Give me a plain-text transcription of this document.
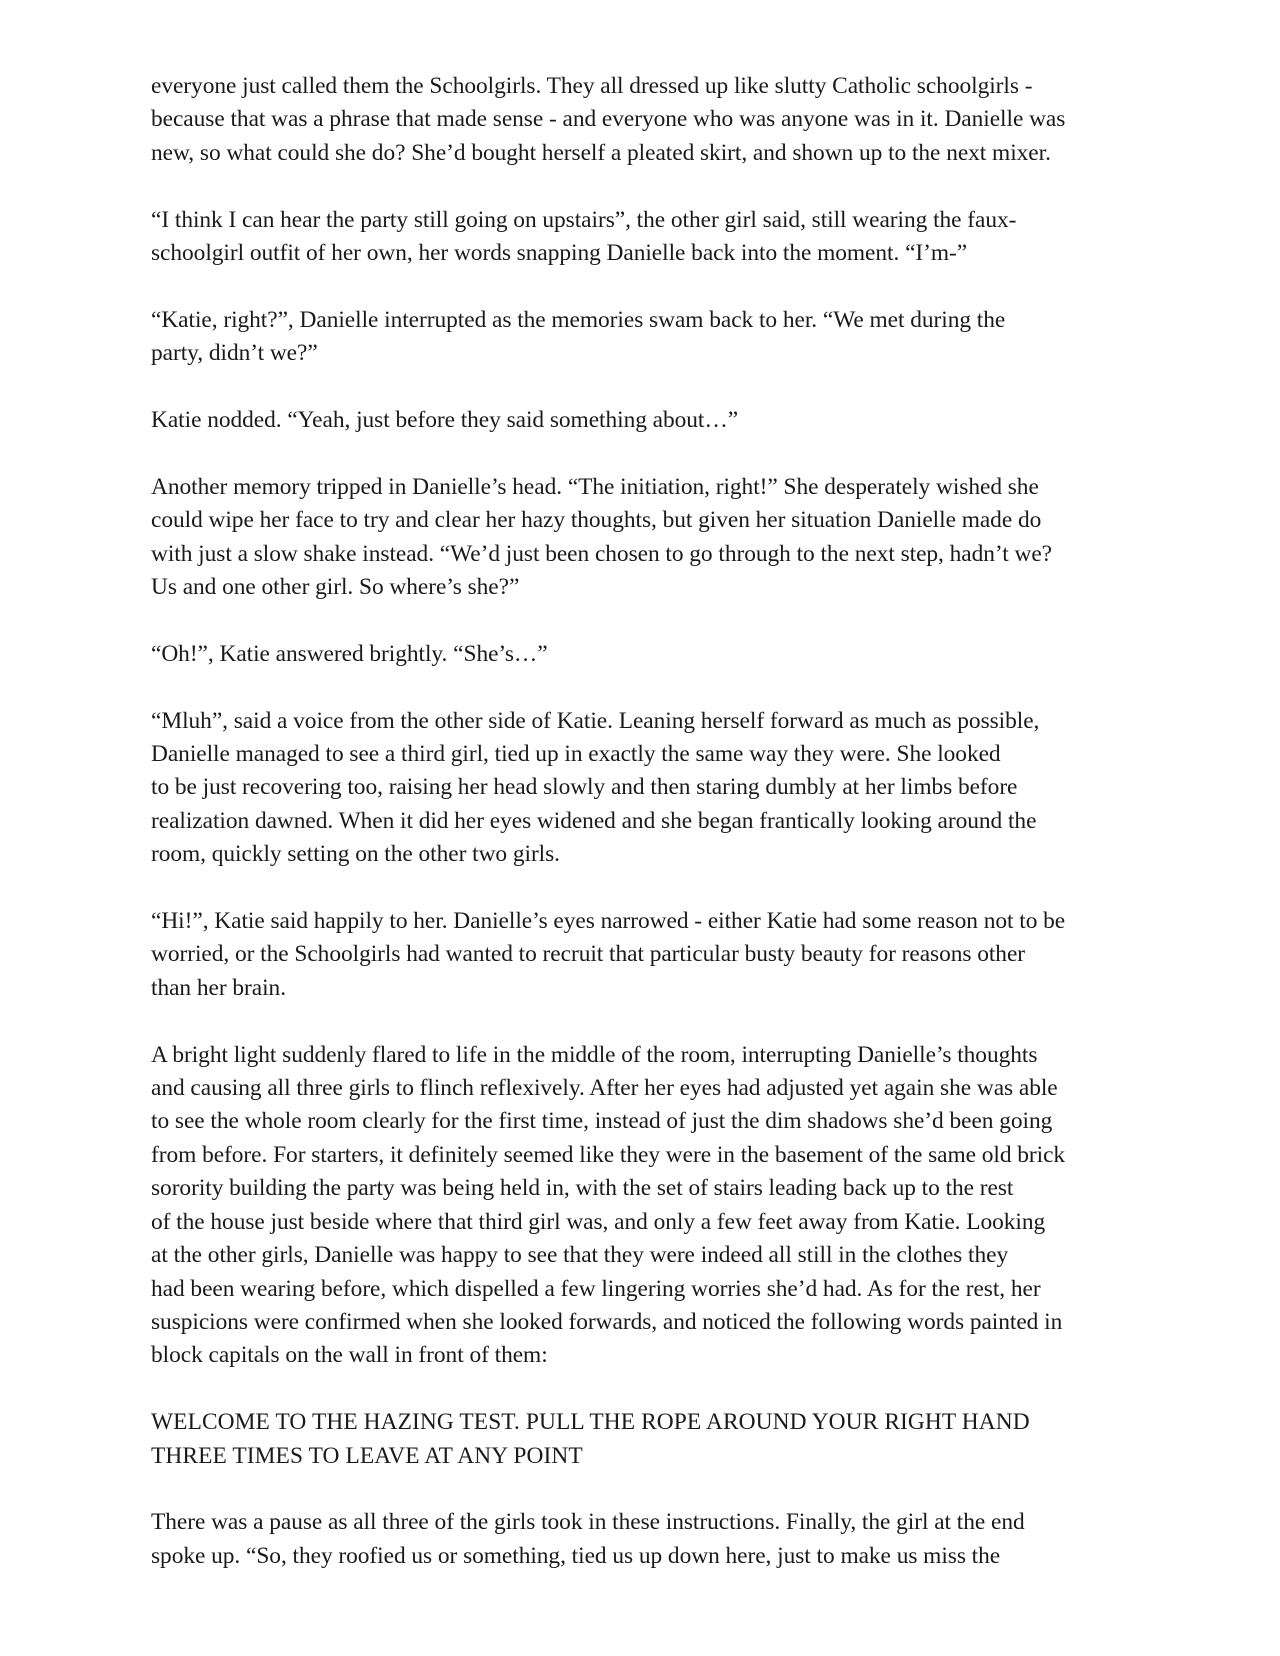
everyone just called them the Schoolgirls. They all dressed up like slutty Catholic schoolgirls -
because that was a phrase that made sense - and everyone who was anyone was in it. Danielle was
new, so what could she do? She’d bought herself a pleated skirt, and shown up to the next mixer.

“I think I can hear the party still going on upstairs”, the other girl said, still wearing the faux-
schoolgirl outfit of her own, her words snapping Danielle back into the moment. “I’m-”

“Katie, right?”, Danielle interrupted as the memories swam back to her. “We met during the
party, didn’t we?”

Katie nodded. “Yeah, just before they said something about…”

Another memory tripped in Danielle’s head. “The initiation, right!” She desperately wished she
could wipe her face to try and clear her hazy thoughts, but given her situation Danielle made do
with just a slow shake instead. “We’d just been chosen to go through to the next step, hadn’t we?
Us and one other girl. So where’s she?”

“Oh!”, Katie answered brightly. “She’s…”

“Mluh”, said a voice from the other side of Katie. Leaning herself forward as much as possible,
Danielle managed to see a third girl, tied up in exactly the same way they were. She looked
to be just recovering too, raising her head slowly and then staring dumbly at her limbs before
realization dawned. When it did her eyes widened and she began frantically looking around the
room, quickly setting on the other two girls.

“Hi!”, Katie said happily to her. Danielle’s eyes narrowed - either Katie had some reason not to be
worried, or the Schoolgirls had wanted to recruit that particular busty beauty for reasons other
than her brain.

A bright light suddenly flared to life in the middle of the room, interrupting Danielle’s thoughts
and causing all three girls to flinch reflexively. After her eyes had adjusted yet again she was able
to see the whole room clearly for the first time, instead of just the dim shadows she’d been going
from before. For starters, it definitely seemed like they were in the basement of the same old brick
sorority building the party was being held in, with the set of stairs leading back up to the rest
of the house just beside where that third girl was, and only a few feet away from Katie. Looking
at the other girls, Danielle was happy to see that they were indeed all still in the clothes they
had been wearing before, which dispelled a few lingering worries she’d had. As for the rest, her
suspicions were confirmed when she looked forwards, and noticed the following words painted in
block capitals on the wall in front of them:

WELCOME TO THE HAZING TEST. PULL THE ROPE AROUND YOUR RIGHT HAND
THREE TIMES TO LEAVE AT ANY POINT

There was a pause as all three of the girls took in these instructions. Finally, the girl at the end
spoke up. “So, they roofied us or something, tied us up down here, just to make us miss the
